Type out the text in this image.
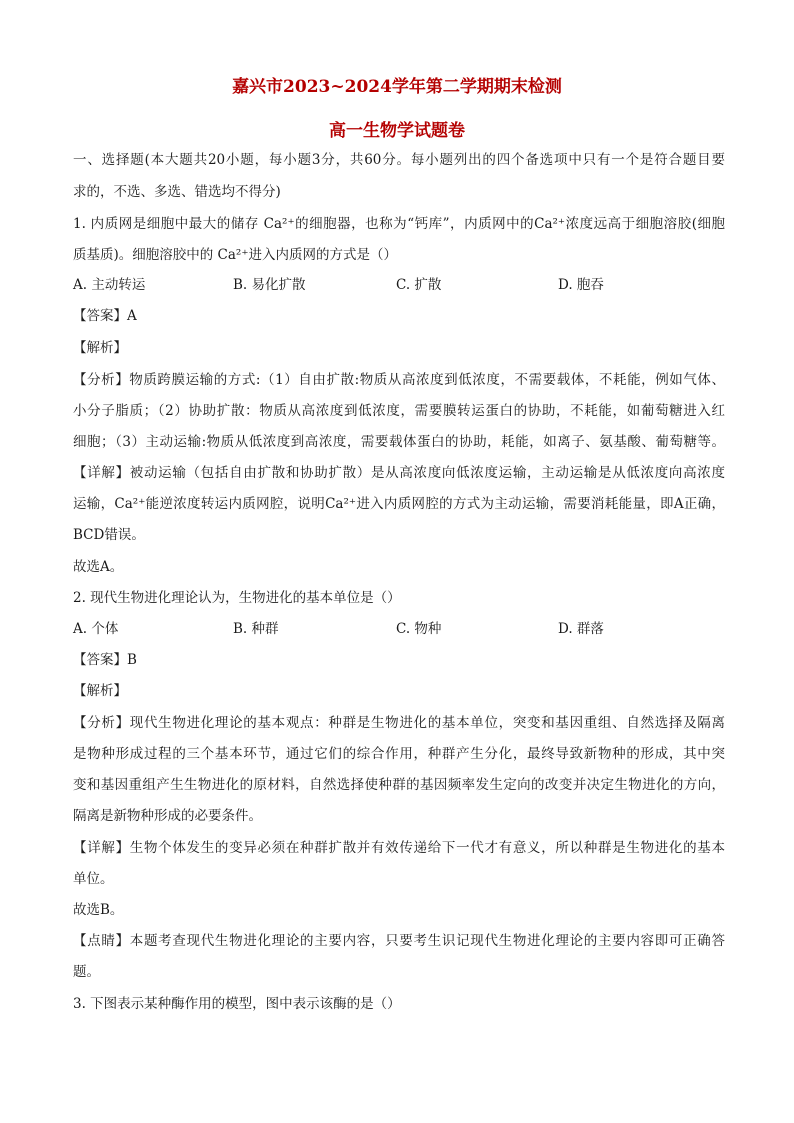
嘉兴市2023~2024学年第二学期期末检测
高一生物学试题卷
一、选择题(本大题共20小题，每小题3分，共60分。每小题列出的四个备选项中只有一个是符合题目要
求的，不选、多选、错选均不得分)
1. 内质网是细胞中最大的储存 Ca²⁺的细胞器，也称为“钙库”，内质网中的Ca²⁺浓度远高于细胞溶胶(细胞
质基质)。细胞溶胶中的 Ca²⁺进入内质网的方式是（）
A. 主动转运	B. 易化扩散	C. 扩散	D. 胞吞
【答案】A
【解析】
【分析】物质跨膜运输的方式:（1）自由扩散:物质从高浓度到低浓度，不需要载体，不耗能，例如气体、
小分子脂质；（2）协助扩散：物质从高浓度到低浓度，需要膜转运蛋白的协助，不耗能，如葡萄糖进入红
细胞；（3）主动运输:物质从低浓度到高浓度，需要载体蛋白的协助，耗能，如离子、氨基酸、葡萄糖等。
【详解】被动运输（包括自由扩散和协助扩散）是从高浓度向低浓度运输，主动运输是从低浓度向高浓度
运输，Ca²⁺能逆浓度转运内质网腔，说明Ca²⁺进入内质网腔的方式为主动运输，需要消耗能量，即A正确，
BCD错误。
故选A。
2. 现代生物进化理论认为，生物进化的基本单位是（）
A. 个体	B. 种群	C. 物种	D. 群落
【答案】B
【解析】
【分析】现代生物进化理论的基本观点：种群是生物进化的基本单位，突变和基因重组、自然选择及隔离
是物种形成过程的三个基本环节，通过它们的综合作用，种群产生分化，最终导致新物种的形成，其中突
变和基因重组产生生物进化的原材料，自然选择使种群的基因频率发生定向的改变并决定生物进化的方向，
隔离是新物种形成的必要条件。
【详解】生物个体发生的变异必须在种群扩散并有效传递给下一代才有意义，所以种群是生物进化的基本
单位。
故选B。
【点睛】本题考查现代生物进化理论的主要内容，只要考生识记现代生物进化理论的主要内容即可正确答
题。
3. 下图表示某种酶作用的模型，图中表示该酶的是（）
